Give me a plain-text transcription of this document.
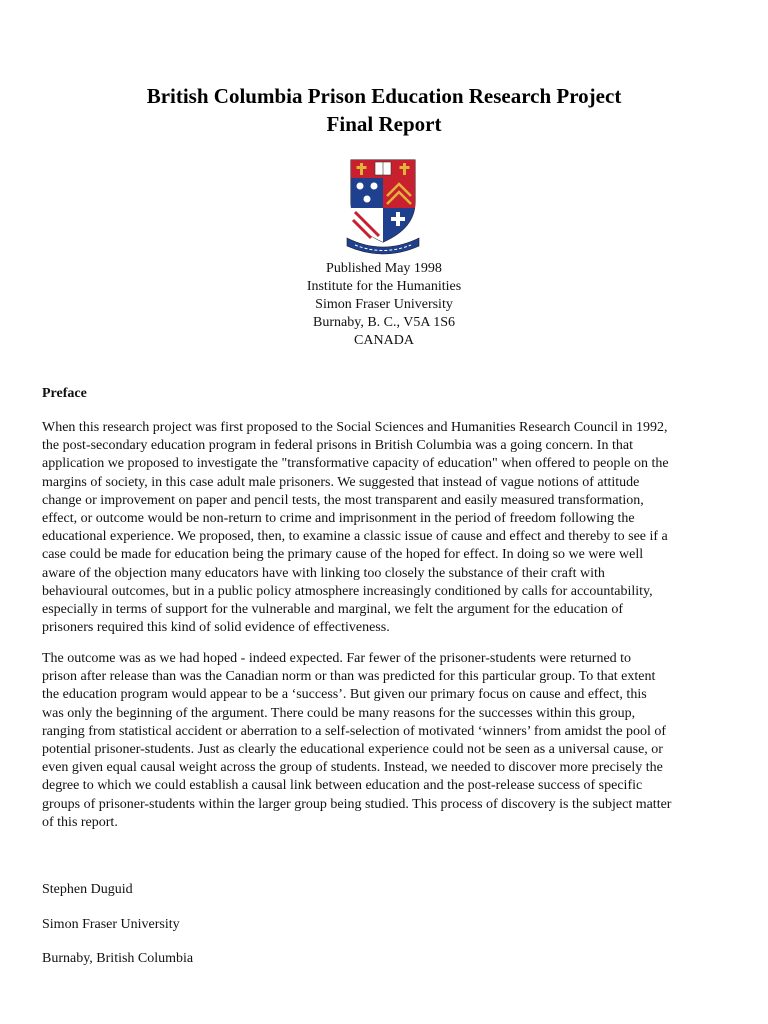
British Columbia Prison Education Research Project
Final Report
Published May 1998
Institute for the Humanities
Simon Fraser University
Burnaby, B. C., V5A 1S6
CANADA
Preface
When this research project was first proposed to the Social Sciences and Humanities Research Council in 1992,
the post-secondary education program in federal prisons in British Columbia was a going concern. In that
application we proposed to investigate the "transformative capacity of education" when offered to people on the
margins of society, in this case adult male prisoners. We suggested that instead of vague notions of attitude
change or improvement on paper and pencil tests, the most transparent and easily measured transformation,
effect, or outcome would be non-return to crime and imprisonment in the period of freedom following the
educational experience. We proposed, then, to examine a classic issue of cause and effect and thereby to see if a
case could be made for education being the primary cause of the hoped for effect. In doing so we were well
aware of the objection many educators have with linking too closely the substance of their craft with
behavioural outcomes, but in a public policy atmosphere increasingly conditioned by calls for accountability,
especially in terms of support for the vulnerable and marginal, we felt the argument for the education of
prisoners required this kind of solid evidence of effectiveness.
The outcome was as we had hoped - indeed expected. Far fewer of the prisoner-students were returned to
prison after release than was the Canadian norm or than was predicted for this particular group. To that extent
the education program would appear to be a ‘success’. But given our primary focus on cause and effect, this
was only the beginning of the argument. There could be many reasons for the successes within this group,
ranging from statistical accident or aberration to a self-selection of motivated ‘winners’ from amidst the pool of
potential prisoner-students. Just as clearly the educational experience could not be seen as a universal cause, or
even given equal causal weight across the group of students. Instead, we needed to discover more precisely the
degree to which we could establish a causal link between education and the post-release success of specific
groups of prisoner-students within the larger group being studied. This process of discovery is the subject matter
of this report.
Stephen Duguid
Simon Fraser University
Burnaby, British Columbia
